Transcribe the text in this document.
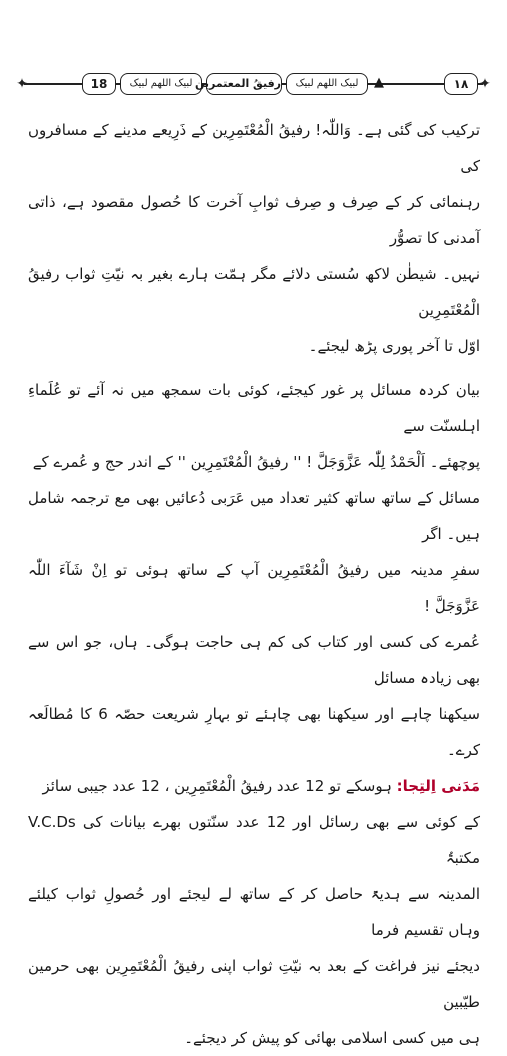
✦	✦
18	لبیک اللھم لبیک رفیقُ المعتمرین	لبیک اللھم لبیک	▲	١٨

ترکیب کی گئی ہے۔ وَاللّٰہ! رفیقُ الْمُعْتَمِرِین کے ذَرِیعے مدینے کے مسافروں کی

رہنمائی کر کے صِرف و صِرف ثوابِ آخرت کا حُصول مقصود ہے، ذاتی آمدنی کا تصوُّر

نہیں۔ شیطٰن لاکھ سُستی دلائے مگر ہمّت ہارے بغیر بہ نیّتِ ثواب رفیقُ الْمُعْتَمِرِین

اوّل تا آخر پوری پڑھ لیجئے۔

بیان کردہ مسائل پر غور کیجئے، کوئی بات سمجھ میں نہ آئے تو عُلَماءِ اہلسنّت سے

پوچھئے۔ اَلْحَمْدُ لِلّٰہ عَزَّوَجَلَّ ! '' رفیقُ الْمُعْتَمِرِین '' کے اندر حج و عُمرے کے

مسائل کے ساتھ ساتھ کثیر تعداد میں عَرَبی دُعائیں بھی مع ترجمہ شامل ہیں۔ اگر

سفرِ مدینہ میں رفیقُ الْمُعْتَمِرِین آپ کے ساتھ ہوئی تو اِنْ شَآءَ اللّٰہ عَزَّوَجَلَّ !

عُمرے کی کسی اور کتاب کی کم ہی حاجت ہوگی۔ ہاں، جو اس سے بھی زیادہ مسائل

سیکھنا چاہے اور سیکھنا بھی چاہئے تو بہارِ شریعت حصّہ 6 کا مُطالَعہ کرے۔

مَدَنی اِلتِجا: ہوسکے تو 12 عدد رفیقُ الْمُعْتَمِرِین ، 12 عدد جیبی سائز

کے کوئی سے بھی رسائل اور 12 عدد سنّتوں بھرے بیانات کی V.C.Ds مکتبۃُ

المدینہ سے ہدیۃً حاصل کر کے ساتھ لے لیجئے اور حُصولِ ثواب کیلئے وہاں تقسیم فرما

دیجئے نیز فراغت کے بعد بہ نیّتِ ثواب اپنی رفیقُ الْمُعْتَمِرِین بھی حرمین طیّبین

ہی میں کسی اسلامی بھائی کو پیش کر دیجئے۔
